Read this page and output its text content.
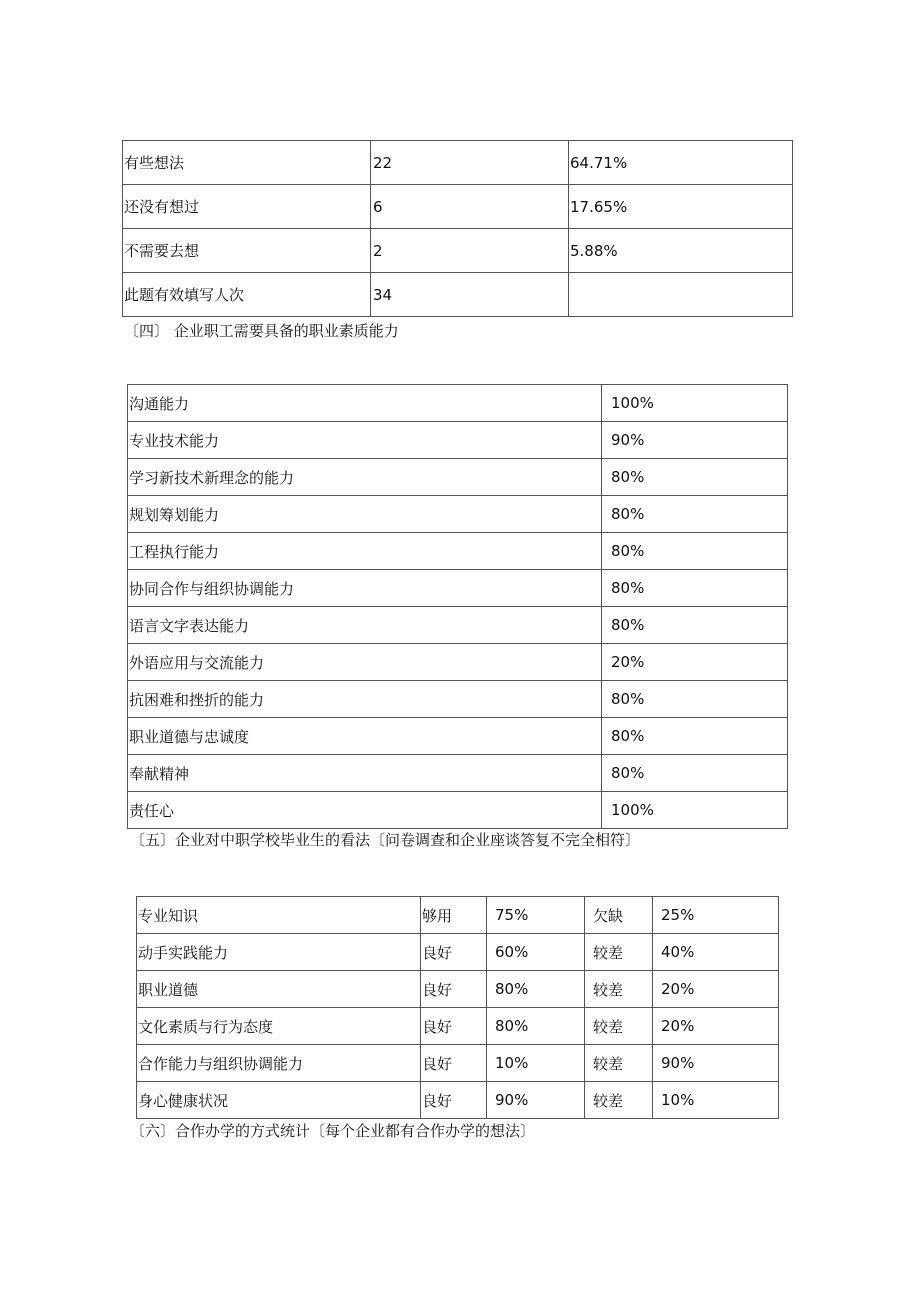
有些想法	22	64.71%
还没有想过	6	17.65%
不需要去想	2	5.88%
此题有效填写人次	34	
〔四〕 企业职工需要具备的职业素质能力
沟通能力	100%
专业技术能力	90%
学习新技术新理念的能力	80%
规划筹划能力	80%
工程执行能力	80%
协同合作与组织协调能力	80%
语言文字表达能力	80%
外语应用与交流能力	20%
抗困难和挫折的能力	80%
职业道德与忠诚度	80%
奉献精神	80%
责任心	100%
〔五〕企业对中职学校毕业生的看法〔问卷调查和企业座谈答复不完全相符〕
专业知识	够用	75%	欠缺	25%
动手实践能力	良好	60%	较差	40%
职业道德	良好	80%	较差	20%
文化素质与行为态度	良好	80%	较差	20%
合作能力与组织协调能力	良好	10%	较差	90%
身心健康状况	良好	90%	较差	10%
〔六〕合作办学的方式统计〔每个企业都有合作办学的想法〕
